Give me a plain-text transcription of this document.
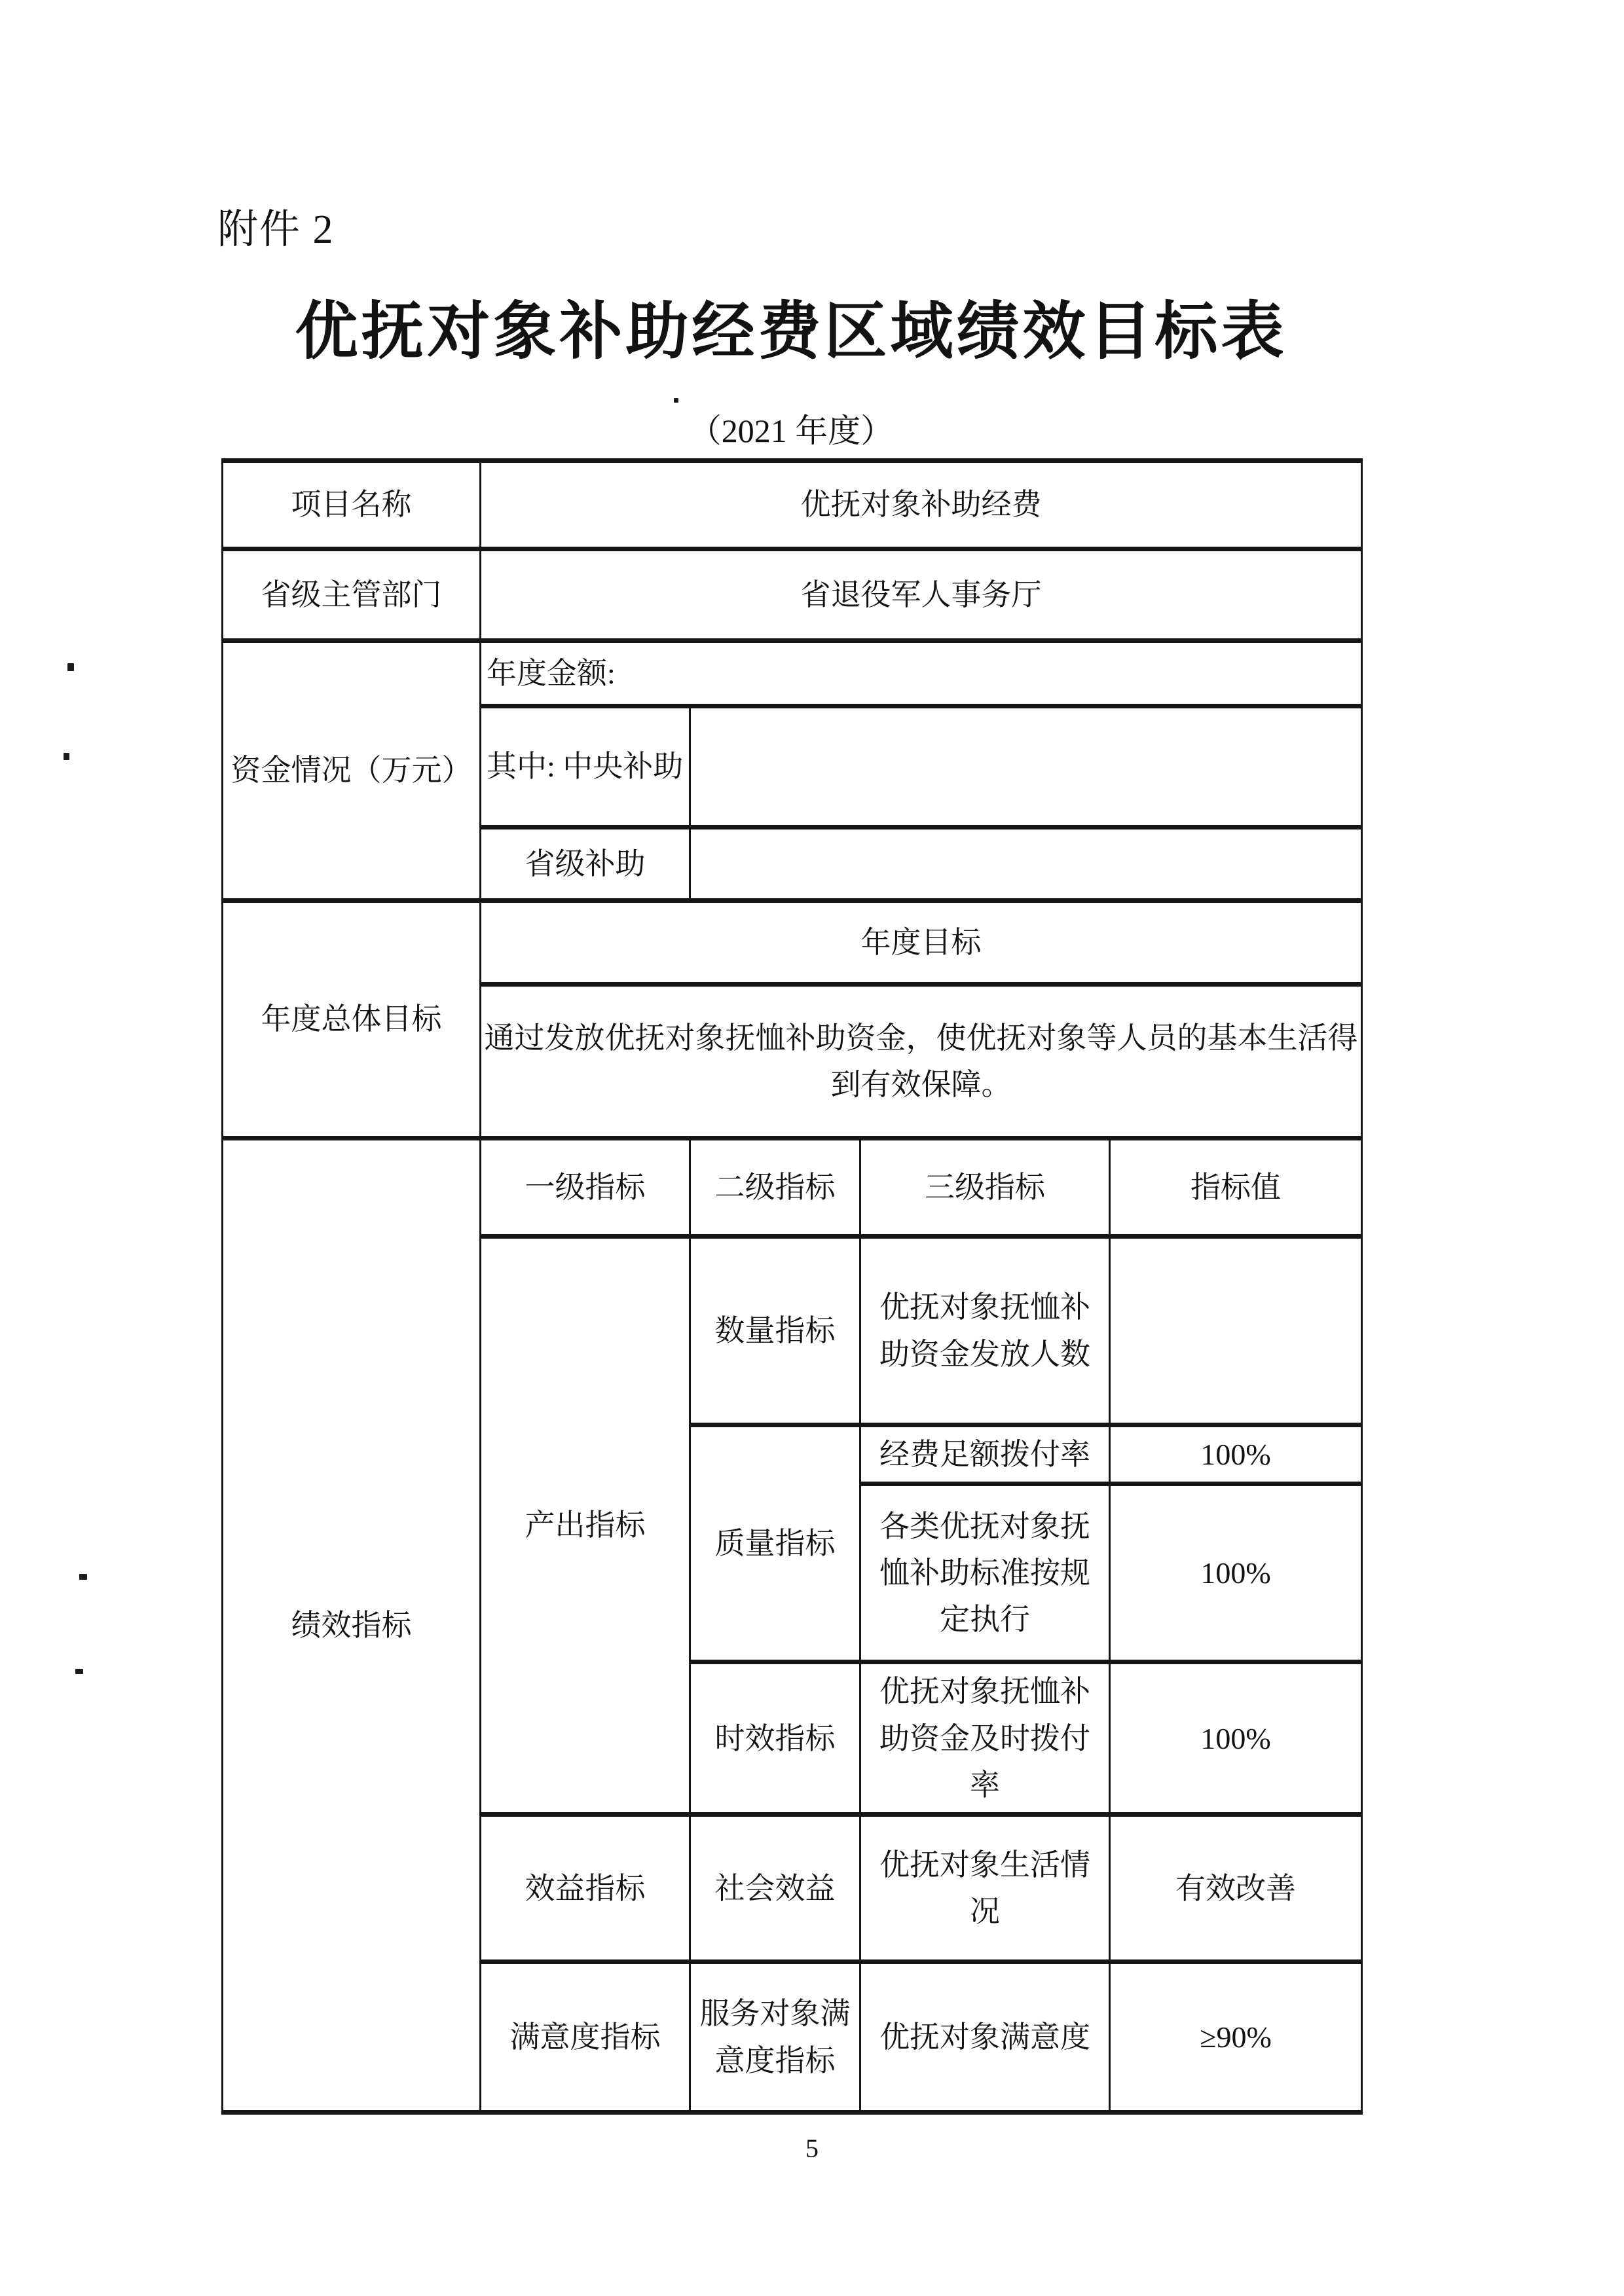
附件 2
优抚对象补助经费区域绩效目标表
（2021 年度）
项目名称	优抚对象补助经费			
省级主管部门	省退役军人事务厅			
资金情况（万元）	年度金额:			
	其中: 中央补助			
	省级补助			
年度总体目标	年度目标			
	通过发放优抚对象抚恤补助资金，使优抚对象等人员的基本生活得到有效保障。			
绩效指标	一级指标	二级指标	三级指标	指标值
	产出指标	数量指标	优抚对象抚恤补助资金发放人数	
		质量指标	经费足额拨付率	100%
			各类优抚对象抚恤补助标准按规定执行	100%
		时效指标	优抚对象抚恤补助资金及时拨付率	100%
	效益指标	社会效益	优抚对象生活情况	有效改善
	满意度指标	服务对象满意度指标	优抚对象满意度	≥90%
5
